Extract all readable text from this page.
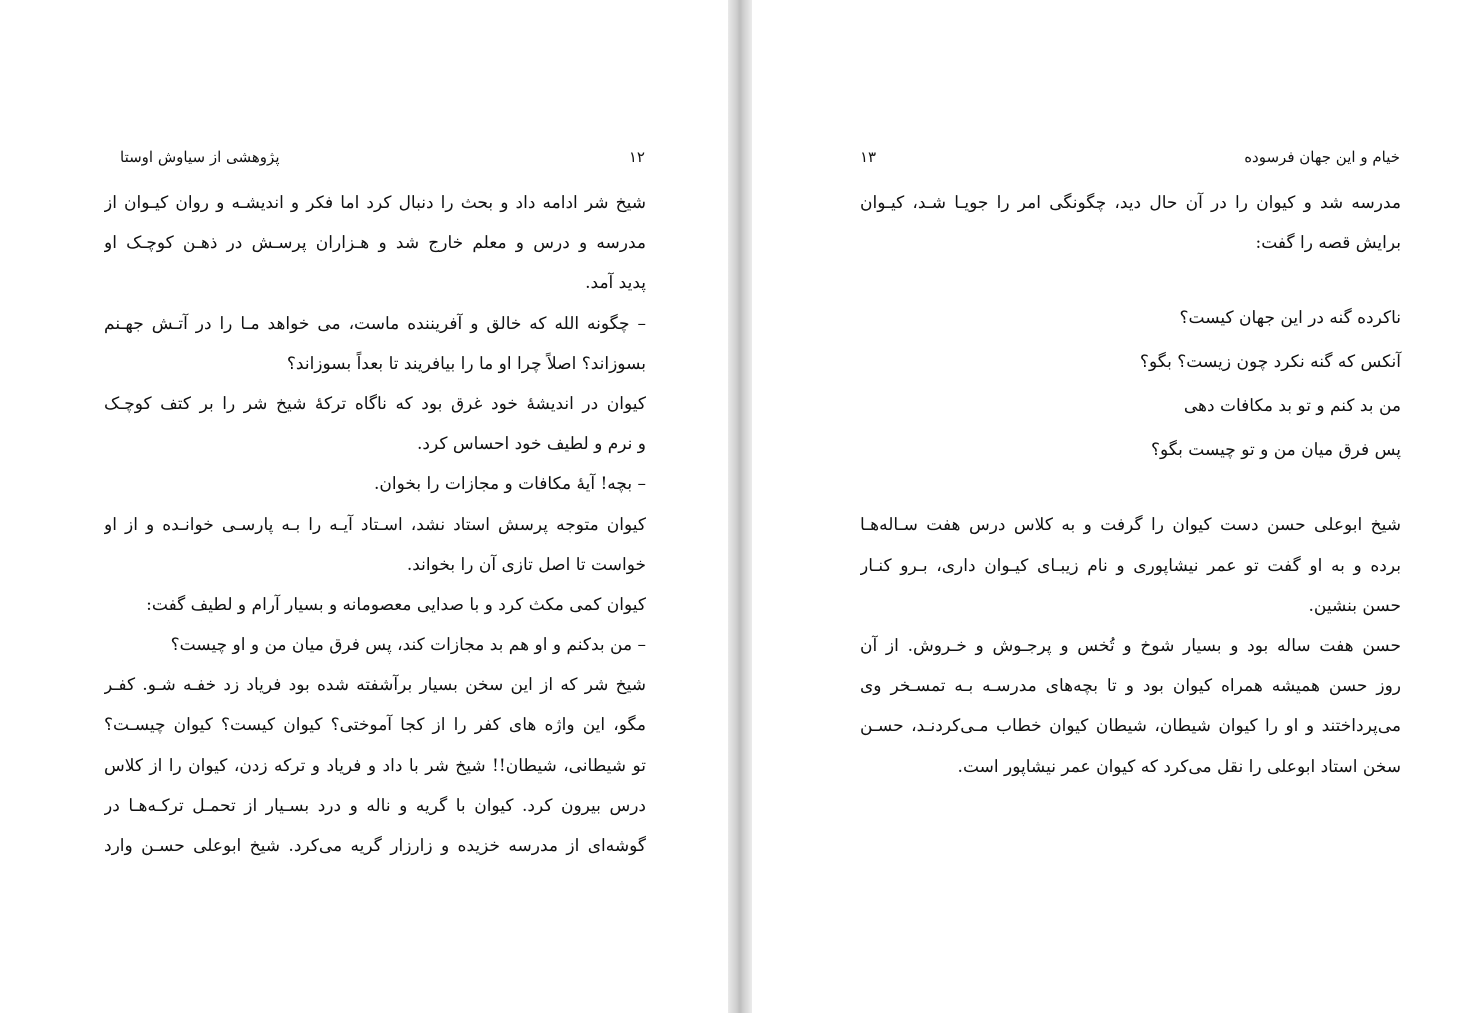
پژوهشی از سیاوش اوستا	۱۲
شیخ شر ادامه داد و بحث را دنبال کرد اما فکر و اندیشـه و روان کیـوان از
مدرسه و درس و معلم خارج شد و هـزاران پرسـش در ذهـن کوچـک او
پدید آمد.
– چگونه الله که خالق و آفریننده ماست، می خواهد مـا را در آتـش جهـنم
بسوزاند؟ اصلاً چرا او ما را بیافریند تا بعداً بسوزاند؟
کیوان در اندیشهٔ خود غرق بود که ناگاه ترکهٔ شیخ شر را بر کتف کوچـک
و نرم و لطیف خود احساس کرد.
– بچه! آیهٔ مکافات و مجازات را بخوان.
کیوان متوجه پرسش استاد نشد، اسـتاد آیـه را بـه پارسـی خوانـده و از او
خواست تا اصل تازی آن را بخواند.
کیوان کمی مکث کرد و با صدایی معصومانه و بسیار آرام و لطیف گفت:
– من بدکنم و او هم بد مجازات کند، پس فرق میان من و او چیست؟
شیخ شر که از این سخن بسیار برآشفته شده بود فریاد زد خفـه شـو. کفـر
مگو، این واژه های کفر را از کجا آموختی؟ کیوان کیست؟ کیوان چیسـت؟
تو شیطانی، شیطان!! شیخ شر با داد و فریاد و ترکه زدن، کیوان را از کلاس
درس بیرون کرد. کیوان با گریه و ناله و درد بسـیار از تحمـل ترکـه‌هـا در
گوشه‌ای از مدرسه خزیده و زارزار گریه می‌کرد. شیخ ابوعلی حسـن وارد
خیام و این جهان فرسوده
۱۳
مدرسه شد و کیوان را در آن حال دید، چگونگی امر را جویـا شـد، کیـوان
برایش قصه را گفت:
ناکرده گنه در این جهان کیست؟
آنکس که گنه نکرد چون زیست؟ بگو؟
من بد کنم و تو بد مکافات دهی
پس فرق میان من و تو چیست بگو؟
شیخ ابوعلی حسن دست کیوان را گرفت و به کلاس درس هفت سـاله‌هـا
برده و به او گفت تو عمر نیشاپوری و نام زیبـای کیـوان داری، بـرو کنـار
حسن بنشین.
حسن هفت ساله بود و بسیار شوخ و تُخس و پرجـوش و خـروش. از آن
روز حسن همیشه همراه کیوان بود و تا بچه‌های مدرسـه بـه تمسـخر وی
می‌پرداختند و او را کیوان شیطان، شیطان کیوان خطاب مـی‌کردنـد، حسـن
سخن استاد ابوعلی را نقل می‌کرد که کیوان عمر نیشاپور است.
